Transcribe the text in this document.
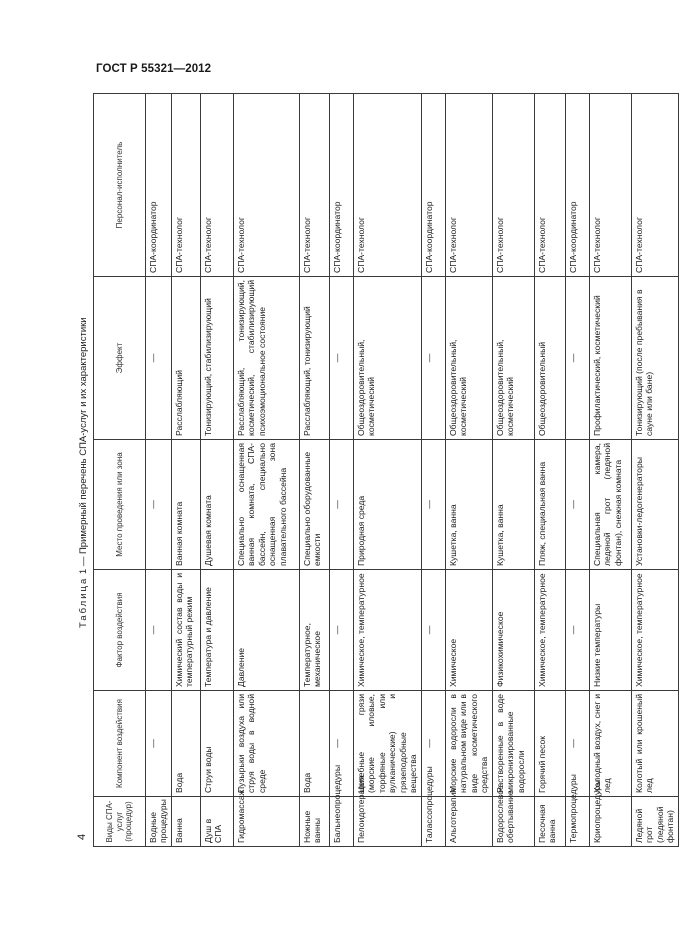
ГОСТ Р 55321—2012

4

Таблица 1 — Примерный перечень СПА-услуг и их характеристики

Виды СПА-услуг (процедур)	Компонент воздействия	Фактор воздействия	Место проведения или зона	Эффект	Персонал-исполнитель
Водные процедуры	—	—	—	—	СПА-координатор
Ванна	Вода	Химический состав воды и температурный режим	Ванная комната	Расслабляющий	СПА-технолог
Душ в СПА	Струи воды	Температура и давление	Душевая комната	Тонизирующий, стабилизирующий	СПА-технолог
Гидромассаж	Пузырьки воздуха или струя воды в водной среде	Давление	Специально оснащенная ванная комната, СПА-бассейн, специально оснащенная зона плавательного бассейна	Расслабляющий, тонизирующий, косметический, стабилизирующий психоэмоциональное состояние	СПА-технолог
Ножные ванны	Вода	Температурное, механическое	Специально оборудованные емкости	Расслабляющий, тонизирующий	СПА-технолог
Бальнеопроцедуры	—	—	—	—	СПА-координатор
Пелоидотерапия	Целебные грязи (морские иловые, торфяные или вулканические) и грязеподобные вещества	Химическое, температурное	Природная среда	Общеоздоровительный, косметический	СПА-технолог
Талассопроцедуры	—	—	—	—	СПА-координатор
Альготерапия	Морские водоросли в натуральном виде или в виде косметического средства	Химическое	Кушетка, ванна	Общеоздоровительный, косметический	СПА-технолог
Водорослевое обертывание	Растворенные в воде микронизированные водоросли	Физикохимическое	Кушетка, ванна	Общеоздоровительный, косметический	СПА-технолог
Песочная ванна	Горячий песок	Химическое, температурное	Пляж, специальная ванна	Общеоздоровительный	СПА-технолог
Термопроцедуры	—	—	—	—	СПА-координатор
Криопроцедуры	Холодный воздух, снег и лед	Низкие температуры	Специальная камера, ледяной грот (ледяной фонтан), снежная комната	Профилактический, косметический	СПА-технолог
Ледяной грот (ледяной фонтан)	Колотый или крошеный лед	Химическое, температурное	Установки-ледогенераторы	Тонизирующий (после пребывания в сауне или бане)	СПА-технолог
